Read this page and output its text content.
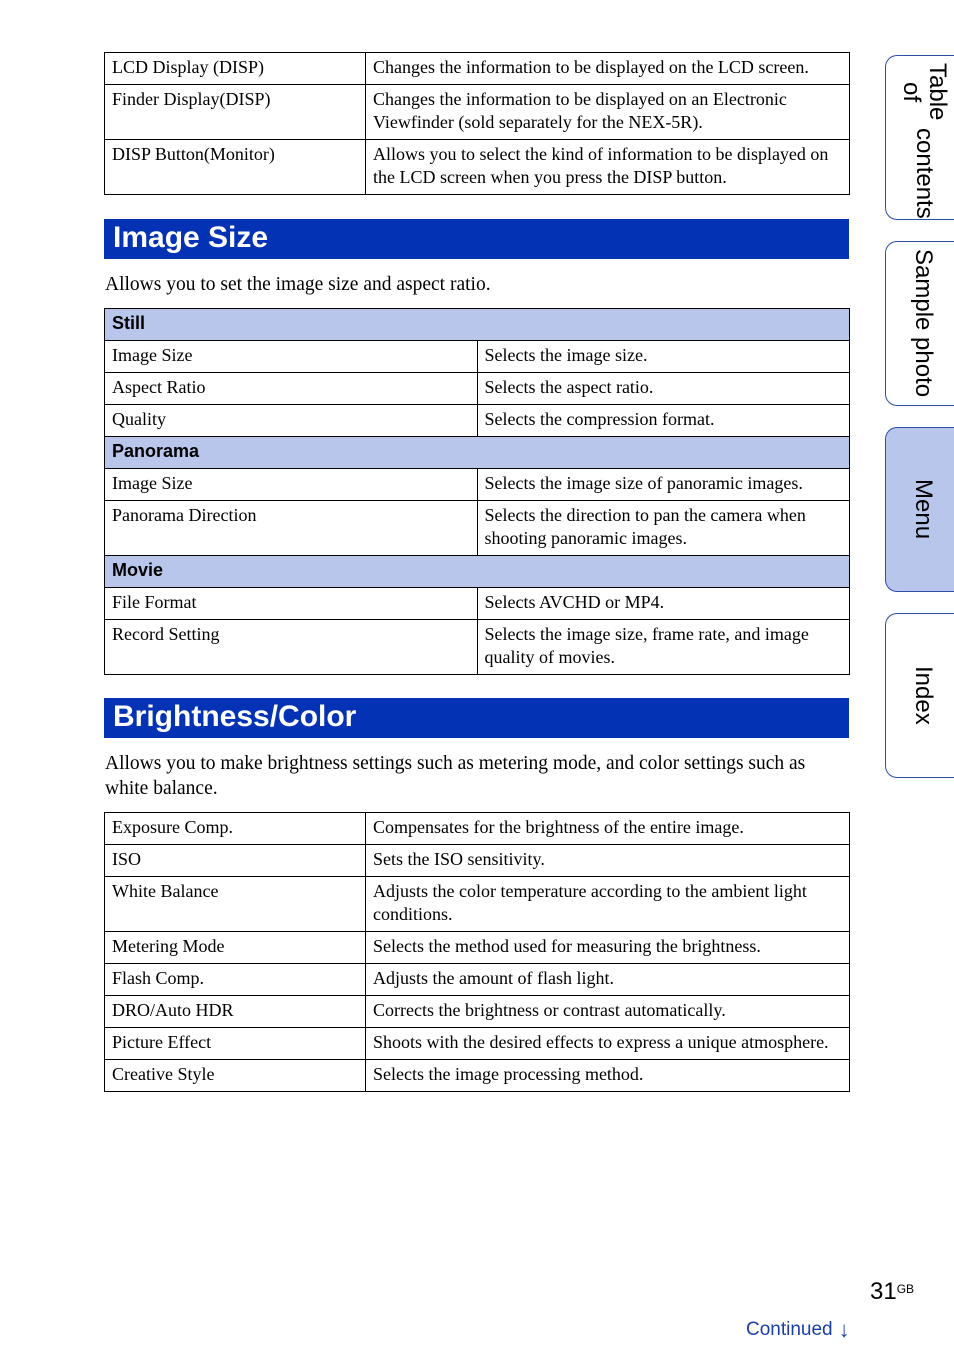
LCD Display (DISP)	Changes the information to be displayed on the LCD screen.
Finder Display(DISP)	Changes the information to be displayed on an Electronic Viewfinder (sold separately for the NEX-5R).
DISP Button(Monitor)	Allows you to select the kind of information to be displayed on the LCD screen when you press the DISP button.
Image Size
Allows you to set the image size and aspect ratio.
Still	
Image Size	Selects the image size.
Aspect Ratio	Selects the aspect ratio.
Quality	Selects the compression format.
Panorama	
Image Size	Selects the image size of panoramic images.
Panorama Direction	Selects the direction to pan the camera when shooting panoramic images.
Movie	
File Format	Selects AVCHD or MP4.
Record Setting	Selects the image size, frame rate, and image quality of movies.
Brightness/Color
Allows you to make brightness settings such as metering mode, and color settings such as white balance.
Exposure Comp.	Compensates for the brightness of the entire image.
ISO	Sets the ISO sensitivity.
White Balance	Adjusts the color temperature according to the ambient light conditions.
Metering Mode	Selects the method used for measuring the brightness.
Flash Comp.	Adjusts the amount of flash light.
DRO/Auto HDR	Corrects the brightness or contrast automatically.
Picture Effect	Shoots with the desired effects to express a unique atmosphere.
Creative Style	Selects the image processing method.
Table of
contents
Sample photo
Menu
Index
$31^{GB}$
Continued ↓
